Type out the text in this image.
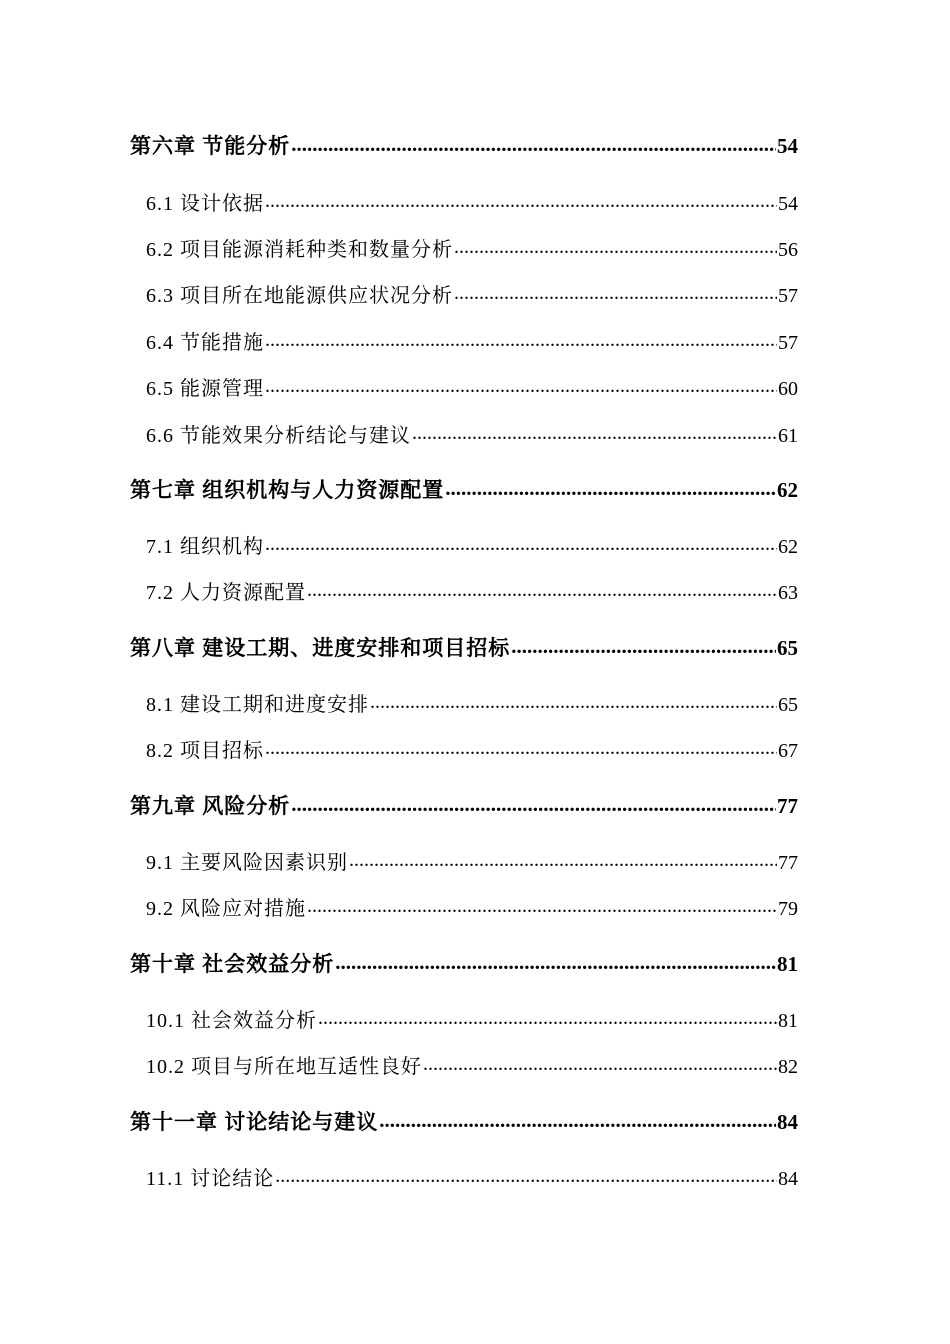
第六章 节能分析 .....	54
6.1 设计依据 .....	54
6.2 项目能源消耗种类和数量分析 .....	56
6.3 项目所在地能源供应状况分析 .....	57
6.4 节能措施 .....	57
6.5 能源管理 .....	60
6.6 节能效果分析结论与建议 .....	61
第七章 组织机构与人力资源配置 .....	62
7.1 组织机构 .....	62
7.2 人力资源配置 .....	63
第八章 建设工期、进度安排和项目招标 .....	65
8.1 建设工期和进度安排 .....	65
8.2 项目招标 .....	67
第九章 风险分析 .....	77
9.1 主要风险因素识别 .....	77
9.2 风险应对措施 .....	79
第十章 社会效益分析 .....	81
10.1 社会效益分析 .....	81
10.2 项目与所在地互适性良好 .....	82
第十一章 讨论结论与建议 .....	84
11.1 讨论结论 .....	84
